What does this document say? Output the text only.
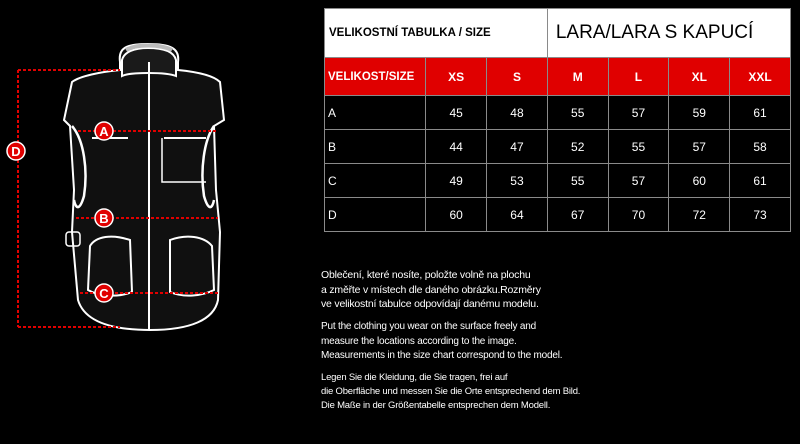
A
B
C
D
VELIKOSTNÍ TABULKA / SIZE			LARA/LARA S KAPUCÍ			
VELIKOST/SIZE	XS	S	M	L	XL	XXL
A	45	48	55	57	59	61
B	44	47	52	55	57	58
C	49	53	55	57	60	61
D	60	64	67	70	72	73

Oblečení, které nosíte, položte volně na plochu

a změřte v místech dle daného obrázku.Rozměry

ve velikostní tabulce odpovídají danému modelu.

Put the clothing you wear on the surface freely and

measure the locations according to the image.

Measurements in the size chart correspond to the model.

Legen Sie die Kleidung, die Sie tragen, frei auf

die Oberfläche und messen Sie die Orte entsprechend dem Bild.

Die Maße in der Größentabelle entsprechen dem Modell.
